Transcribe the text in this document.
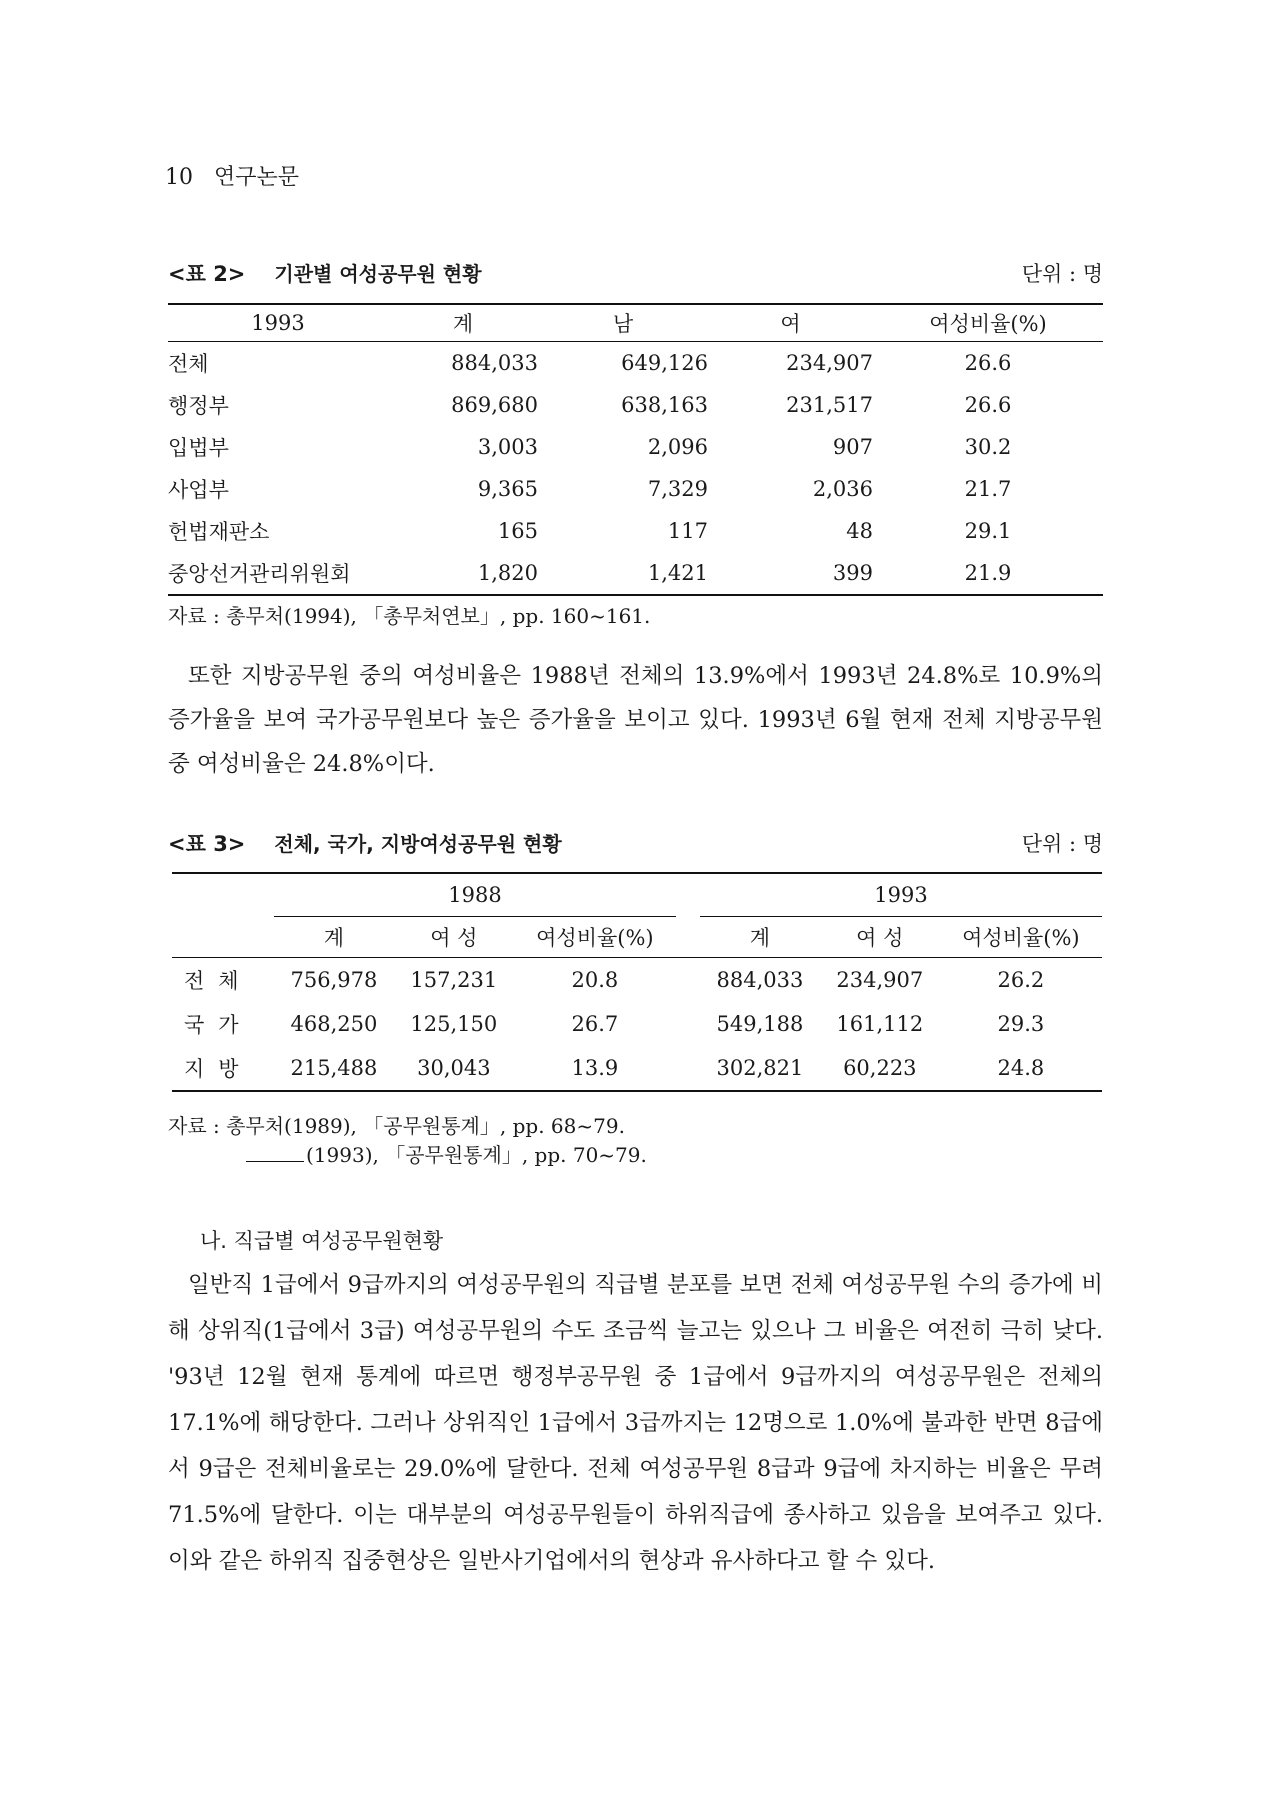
10 연구논문
<표 2> 기관별 여성공무원 현황	단위 : 명
1993	계	남	여	여성비율(%)
전체	884,033	649,126	234,907	26.6
행정부	869,680	638,163	231,517	26.6
입법부	3,003	2,096	907	30.2
사업부	9,365	7,329	2,036	21.7
헌법재판소	165	117	48	29.1
중앙선거관리위원회	1,820	1,421	399	21.9
자료 : 총무처(1994), 「총무처연보」, pp. 160~161.

또한 지방공무원 중의 여성비율은 1988년 전체의 13.9%에서 1993년 24.8%로 10.9%의 증가율을 보여 국가공무원보다 높은 증가율을 보이고 있다. 1993년 6월 현재 전체 지방공무원 중 여성비율은 24.8%이다.

<표 3> 전체, 국가, 지방여성공무원 현황	단위 : 명
	1988				1993		
	계	여 성	여성비율(%)		계	여 성	여성비율(%)
전체	756,978	157,231	20.8		884,033	234,907	26.2
국가	468,250	125,150	26.7		549,188	161,112	29.3
지방	215,488	30,043	13.9		302,821	60,223	24.8
자료 : 총무처(1989), 「공무원통계」, pp. 68~79.
(1993), 「공무원통계」, pp. 70~79.
나. 직급별 여성공무원현황

일반직 1급에서 9급까지의 여성공무원의 직급별 분포를 보면 전체 여성공무원 수의 증가에 비해 상위직(1급에서 3급) 여성공무원의 수도 조금씩 늘고는 있으나 그 비율은 여전히 극히 낮다. '93년 12월 현재 통계에 따르면 행정부공무원 중 1급에서 9급까지의 여성공무원은 전체의 17.1%에 해당한다. 그러나 상위직인 1급에서 3급까지는 12명으로 1.0%에 불과한 반면 8급에서 9급은 전체비율로는 29.0%에 달한다. 전체 여성공무원 8급과 9급에 차지하는 비율은 무려 71.5%에 달한다. 이는 대부분의 여성공무원들이 하위직급에 종사하고 있음을 보여주고 있다. 이와 같은 하위직 집중현상은 일반사기업에서의 현상과 유사하다고 할 수 있다.
